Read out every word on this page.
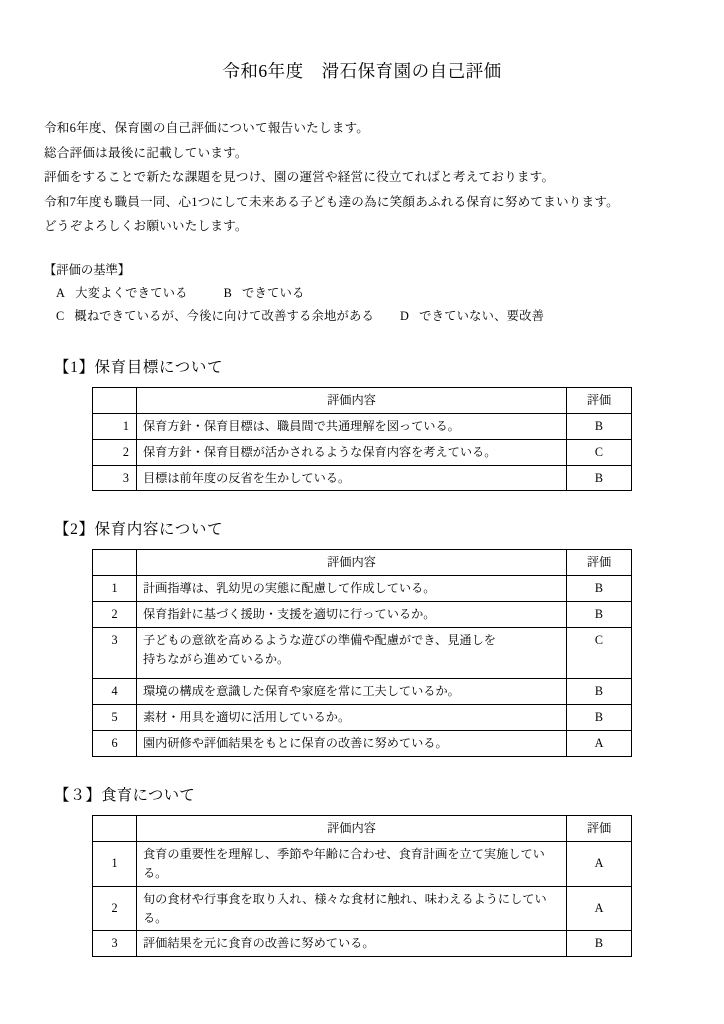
令和6年度　滑石保育園の自己評価

令和6年度、保育園の自己評価について報告いたします。

総合評価は最後に記載しています。

評価をすることで新たな課題を見つけ、園の運営や経営に役立てればと考えております。

令和7年度も職員一同、心1つにして未来ある子ども達の為に笑顔あふれる保育に努めてまいります。

どうぞよろしくお願いいたします。

【評価の基準】

A 大変よくできている	B できている

C 概ねできているが、今後に向けて改善する余地がある D できていない、要改善

【1】保育目標について
	評価内容	評価
1	保育方針・保育目標は、職員間で共通理解を図っている。	B
2	保育方針・保育目標が活かされるような保育内容を考えている。	C
3	目標は前年度の反省を生かしている。	B
【2】保育内容について
	評価内容	評価
1	計画指導は、乳幼児の実態に配慮して作成している。	B
2	保育指針に基づく援助・支援を適切に行っているか。	B
3	子どもの意欲を高めるような遊びの準備や配慮ができ、見通しを
持ちながら進めているか。	C
4	環境の構成を意識した保育や家庭を常に工夫しているか。	B
5	素材・用具を適切に活用しているか。	B
6	園内研修や評価結果をもとに保育の改善に努めている。	A
【３】食育について
	評価内容	評価
1	食育の重要性を理解し、季節や年齢に合わせ、食育計画を立て実施している。	A
2	旬の食材や行事食を取り入れ、様々な食材に触れ、味わえるようにしている。	A
3	評価結果を元に食育の改善に努めている。	B
